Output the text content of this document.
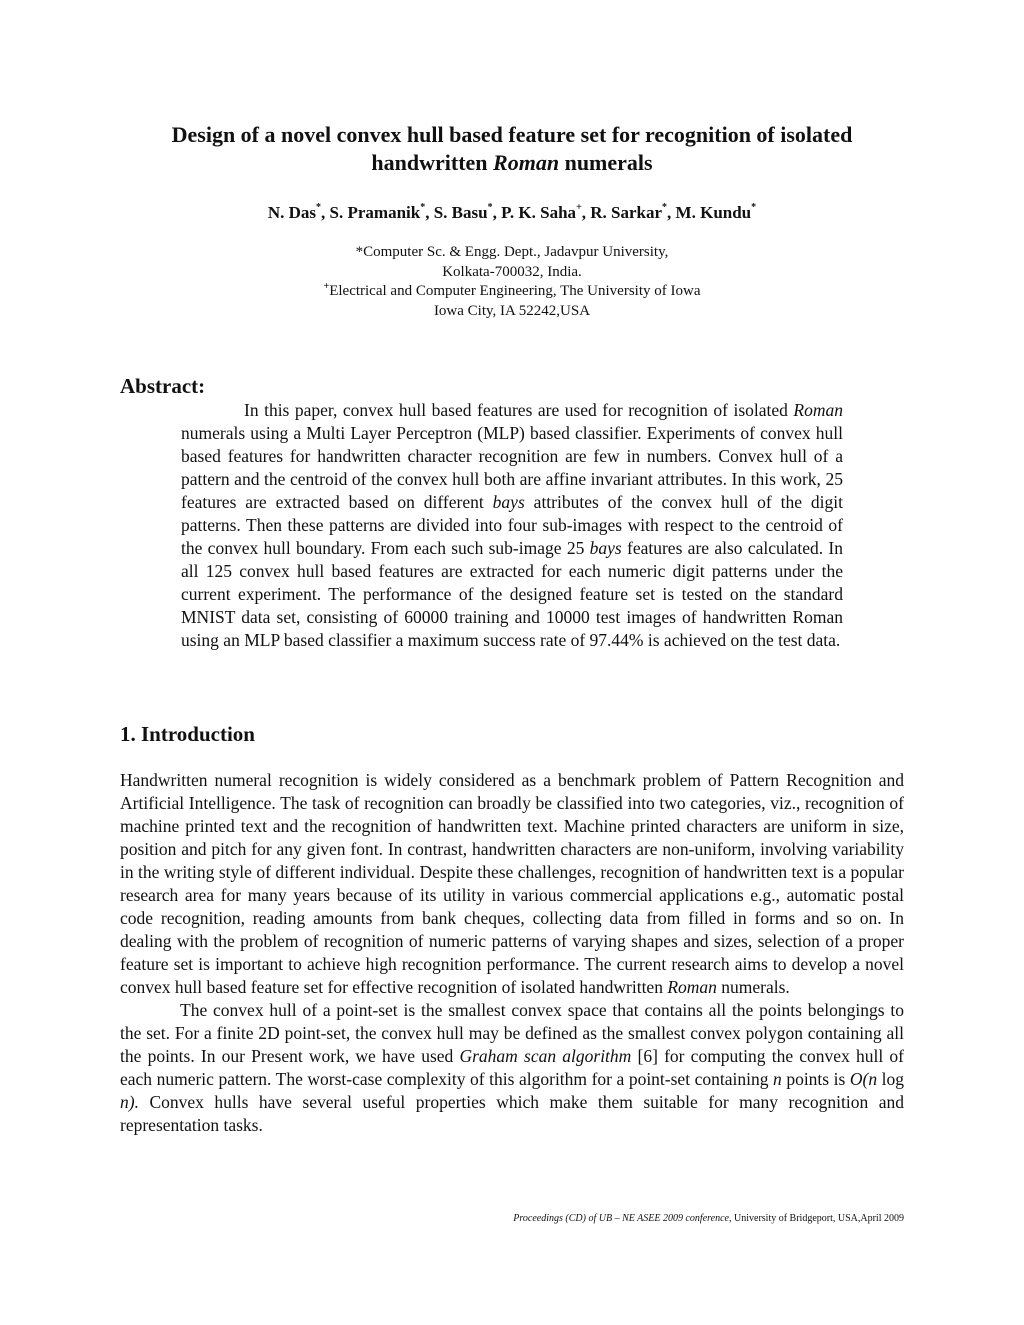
Design of a novel convex hull based feature set for recognition of isolated
handwritten Roman numerals
N. Das*, S. Pramanik*, S. Basu*, P. K. Saha+, R. Sarkar*, M. Kundu*
*Computer Sc. & Engg. Dept., Jadavpur University,
Kolkata-700032, India.
+Electrical and Computer Engineering, The University of Iowa
Iowa City, IA 52242,USA
Abstract:
In this paper, convex hull based features are used for recognition of isolated Roman numerals using a Multi Layer Perceptron (MLP) based classifier. Experiments of convex hull based features for handwritten character recognition are few in numbers. Convex hull of a pattern and the centroid of the convex hull both are affine invariant attributes. In this work, 25 features are extracted based on different bays attributes of the convex hull of the digit patterns. Then these patterns are divided into four sub-images with respect to the centroid of the convex hull boundary. From each such sub-image 25 bays features are also calculated. In all 125 convex hull based features are extracted for each numeric digit patterns under the current experiment. The performance of the designed feature set is tested on the standard MNIST data set, consisting of 60000 training and 10000 test images of handwritten Roman using an MLP based classifier a maximum success rate of 97.44% is achieved on the test data.
1. Introduction

Handwritten numeral recognition is widely considered as a benchmark problem of Pattern Recognition and Artificial Intelligence. The task of recognition can broadly be classified into two categories, viz., recognition of machine printed text and the recognition of handwritten text. Machine printed characters are uniform in size, position and pitch for any given font. In contrast, handwritten characters are non-uniform, involving variability in the writing style of different individual. Despite these challenges, recognition of handwritten text is a popular research area for many years because of its utility in various commercial applications e.g., automatic postal code recognition, reading amounts from bank cheques, collecting data from filled in forms and so on. In dealing with the problem of recognition of numeric patterns of varying shapes and sizes, selection of a proper feature set is important to achieve high recognition performance. The current research aims to develop a novel convex hull based feature set for effective recognition of isolated handwritten Roman numerals.

The convex hull of a point-set is the smallest convex space that contains all the points belongings to the set. For a finite 2D point-set, the convex hull may be defined as the smallest convex polygon containing all the points. In our Present work, we have used Graham scan algorithm [6] for computing the convex hull of each numeric pattern. The worst-case complexity of this algorithm for a point-set containing n points is O(n log n). Convex hulls have several useful properties which make them suitable for many recognition and representation tasks.

Proceedings (CD) of UB – NE ASEE 2009 conference, University of Bridgeport, USA,April 2009
